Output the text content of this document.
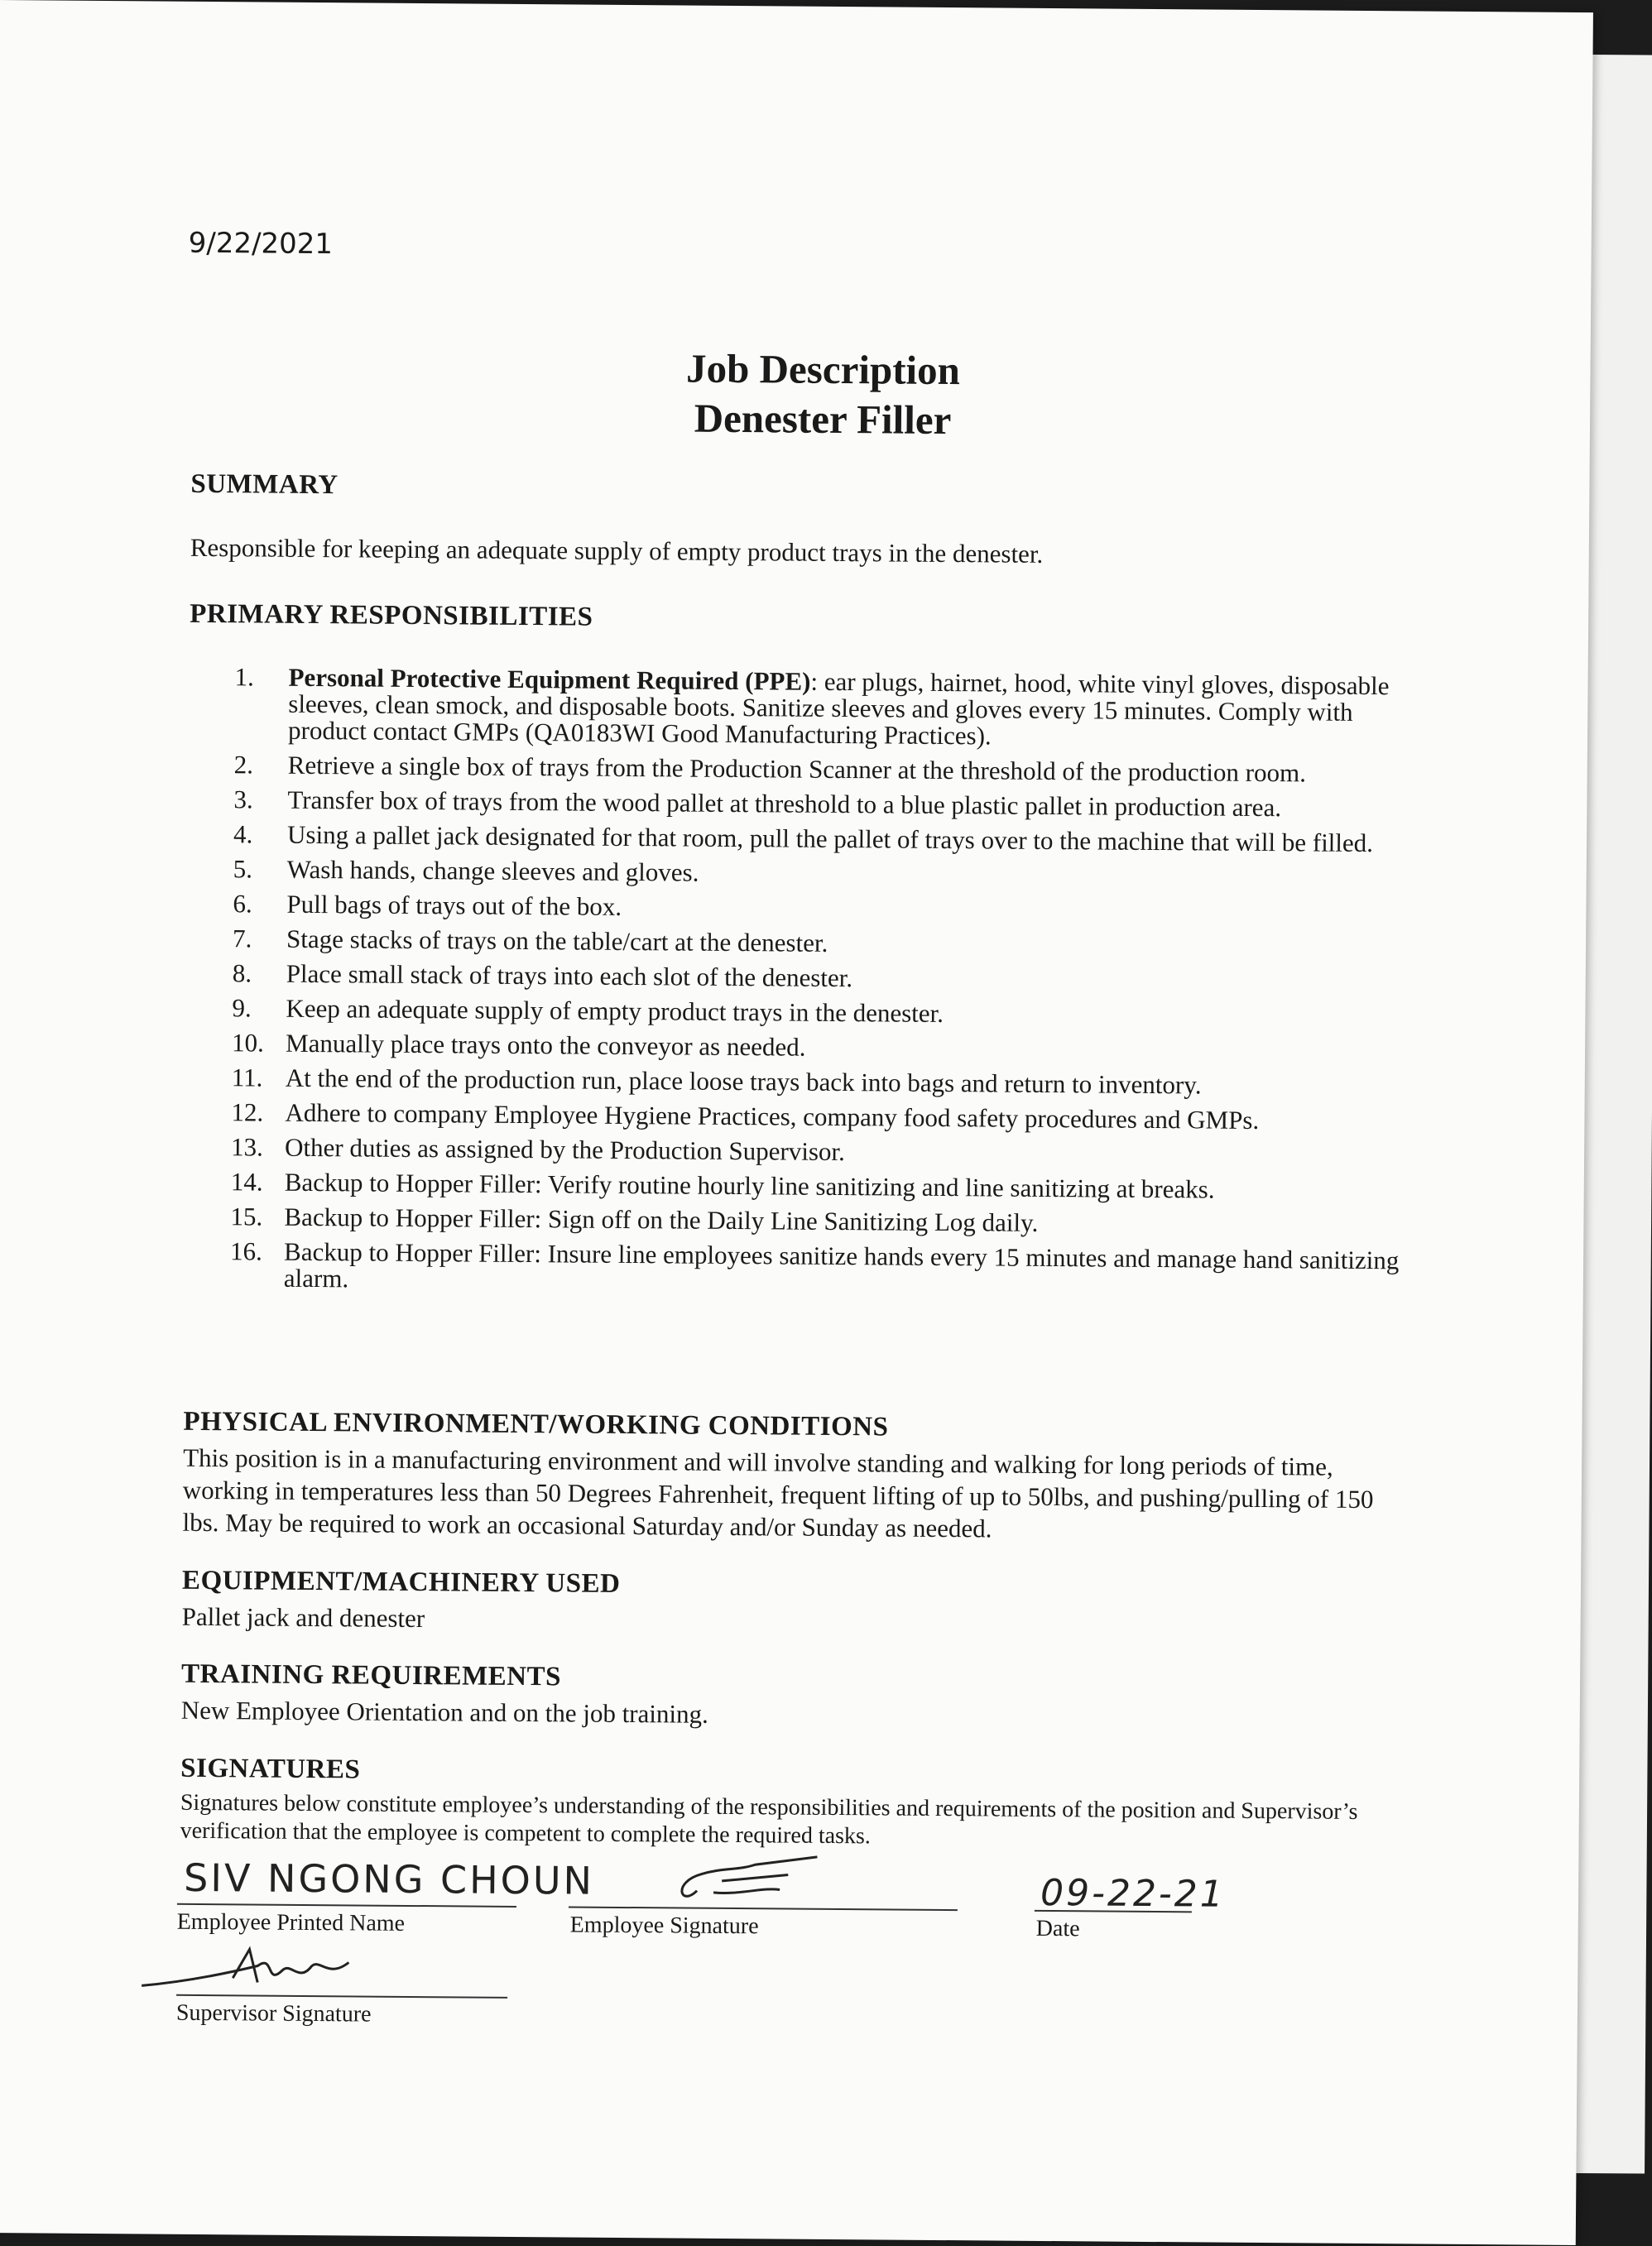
9/22/2021
Job Description
Denester Filler
SUMMARY
Responsible for keeping an adequate supply of empty product trays in the denester.
PRIMARY RESPONSIBILITIES
1. Personal Protective Equipment Required (PPE): ear plugs, hairnet, hood, white vinyl gloves, disposable sleeves, clean smock, and disposable boots. Sanitize sleeves and gloves every 15 minutes. Comply with product contact GMPs (QA0183WI Good Manufacturing Practices).
2. Retrieve a single box of trays from the Production Scanner at the threshold of the production room.
3. Transfer box of trays from the wood pallet at threshold to a blue plastic pallet in production area.
4. Using a pallet jack designated for that room, pull the pallet of trays over to the machine that will be filled.
5. Wash hands, change sleeves and gloves.
6. Pull bags of trays out of the box.
7. Stage stacks of trays on the table/cart at the denester.
8. Place small stack of trays into each slot of the denester.
9. Keep an adequate supply of empty product trays in the denester.
10. Manually place trays onto the conveyor as needed.
11. At the end of the production run, place loose trays back into bags and return to inventory.
12. Adhere to company Employee Hygiene Practices, company food safety procedures and GMPs.
13. Other duties as assigned by the Production Supervisor.
14. Backup to Hopper Filler: Verify routine hourly line sanitizing and line sanitizing at breaks.
15. Backup to Hopper Filler: Sign off on the Daily Line Sanitizing Log daily.
16. Backup to Hopper Filler: Insure line employees sanitize hands every 15 minutes and manage hand sanitizing alarm.
PHYSICAL ENVIRONMENT/WORKING CONDITIONS
This position is in a manufacturing environment and will involve standing and walking for long periods of time, working in temperatures less than 50 Degrees Fahrenheit, frequent lifting of up to 50lbs, and pushing/pulling of 150 lbs. May be required to work an occasional Saturday and/or Sunday as needed.
EQUIPMENT/MACHINERY USED
Pallet jack and denester
TRAINING REQUIREMENTS
New Employee Orientation and on the job training.
SIGNATURES
Signatures below constitute employee’s understanding of the responsibilities and requirements of the position and Supervisor’s verification that the employee is competent to complete the required tasks.
SIV NGONG CHOUN
Employee Printed Name	Employee Signature
09-22-21
Date
Supervisor Signature
